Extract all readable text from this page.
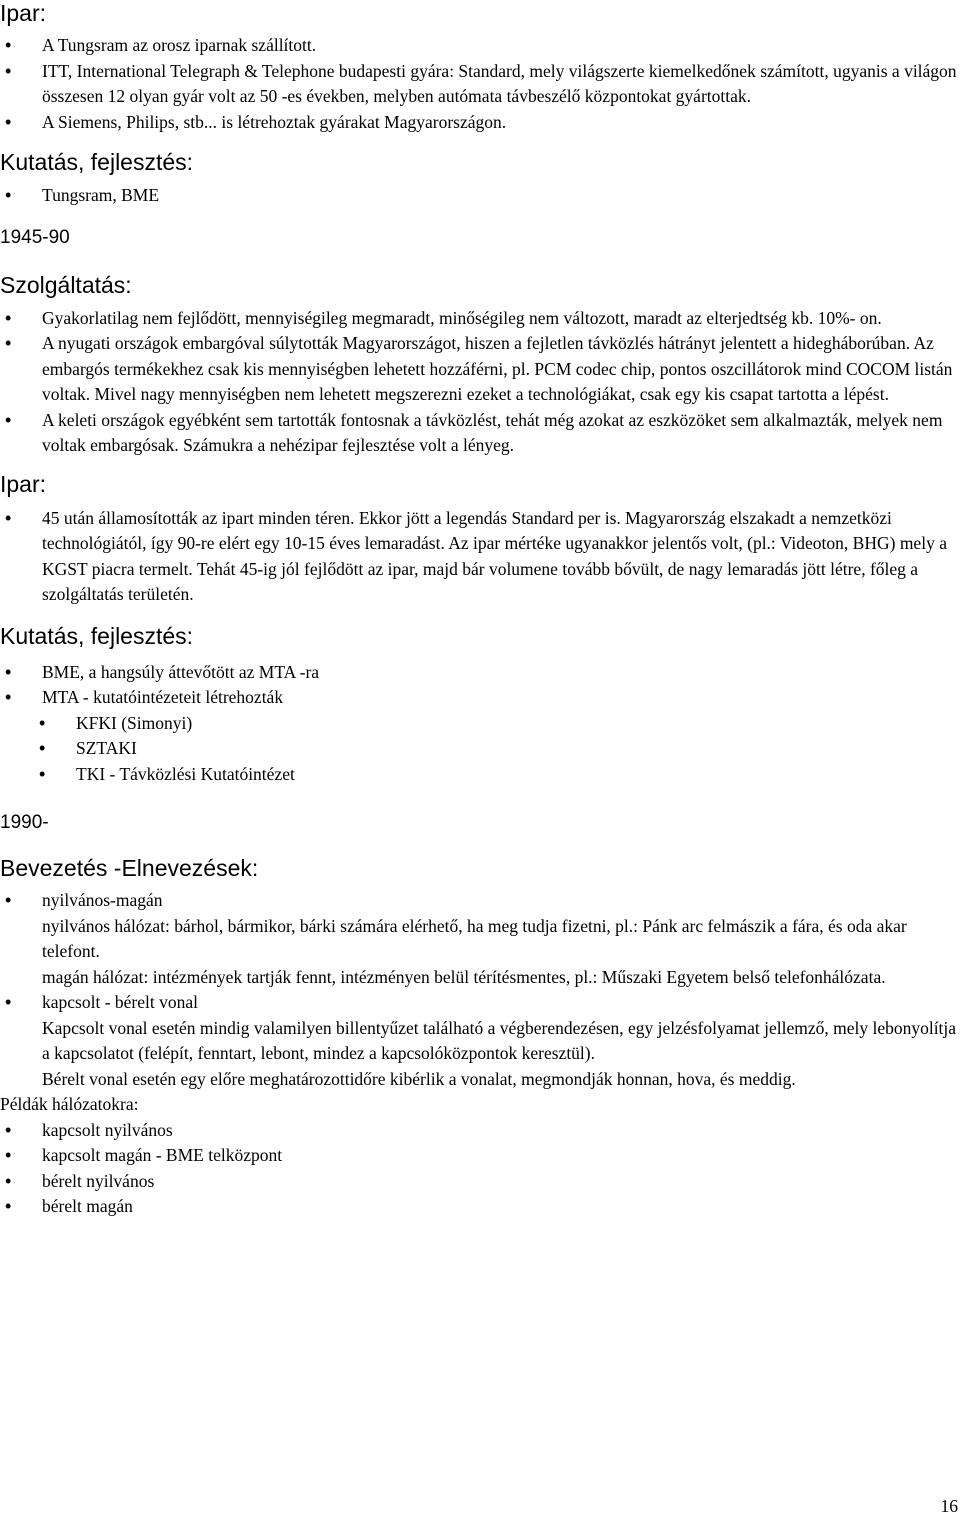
Ipar:
• A Tungsram az orosz iparnak szállított.
• ITT, International Telegraph & Telephone budapesti gyára: Standard, mely világszerte kiemelkedőnek számított, ugyanis a világon összesen 12 olyan gyár volt az 50 -es években, melyben autómata távbeszélő központokat gyártottak.
• A Siemens, Philips, stb... is létrehoztak gyárakat Magyarországon.
Kutatás, fejlesztés:
• Tungsram, BME

1945-90

Szolgáltatás:
• Gyakorlatilag nem fejlődött, mennyiségileg megmaradt, minőségileg nem változott, maradt az elterjedtség kb. 10%- on.
• A nyugati országok embargóval súlytották Magyarországot, hiszen a fejletlen távközlés hátrányt jelentett a hidegháborúban. Az embargós termékekhez csak kis mennyiségben lehetett hozzáférni, pl. PCM codec chip, pontos oszcillátorok mind COCOM listán voltak. Mivel nagy mennyiségben nem lehetett megszerezni ezeket a technológiákat, csak egy kis csapat tartotta a lépést.
• A keleti országok egyébként sem tartották fontosnak a távközlést, tehát még azokat az eszközöket sem alkalmazták, melyek nem voltak embargósak. Számukra a nehézipar fejlesztése volt a lényeg.
Ipar:
• 45 után államosították az ipart minden téren. Ekkor jött a legendás Standard per is. Magyarország elszakadt a nemzetközi technológiától, így 90-re elért egy 10-15 éves lemaradást. Az ipar mértéke ugyanakkor jelentős volt, (pl.: Videoton, BHG) mely a KGST piacra termelt. Tehát 45-ig jól fejlődött az ipar, majd bár volumene tovább bővült, de nagy lemaradás jött létre, főleg a szolgáltatás területén.
Kutatás, fejlesztés:
• BME, a hangsúly áttevőtött az MTA -ra
• MTA - kutatóintézeteit létrehozták
• KFKI (Simonyi)
• SZTAKI
• TKI - Távközlési Kutatóintézet

1990-

Bevezetés -Elnevezések:
• nyilvános-magán
nyilvános hálózat: bárhol, bármikor, bárki számára elérhető, ha meg tudja fizetni, pl.: Pánk arc felmászik a fára, és oda akar telefont.
magán hálózat: intézmények tartják fennt, intézményen belül térítésmentes, pl.: Műszaki Egyetem belső telefonhálózata.
• kapcsolt - bérelt vonal
Kapcsolt vonal esetén mindig valamilyen billentyűzet található a végberendezésen, egy jelzésfolyamat jellemző, mely lebonyolítja a kapcsolatot (felépít, fenntart, lebont, mindez a kapcsolóközpontok keresztül).
Bérelt vonal esetén egy előre meghatározottidőre kibérlik a vonalat, megmondják honnan, hova, és meddig.

Példák hálózatokra:

• kapcsolt nyilvános
• kapcsolt magán - BME telközpont
• bérelt nyilvános
• bérelt magán
16
